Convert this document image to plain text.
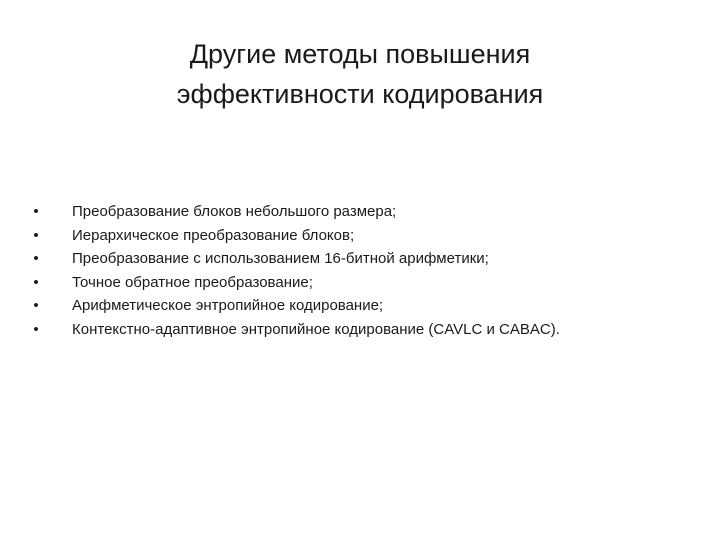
Другие методы повышения
эффективности кодирования
• Преобразование блоков небольшого размера;
• Иерархическое преобразование блоков;
• Преобразование с использованием 16-битной арифметики;
• Точное обратное преобразование;
• Арифметическое энтропийное кодирование;
• Контекстно-адаптивное энтропийное кодирование (CAVLC и CABAC).
